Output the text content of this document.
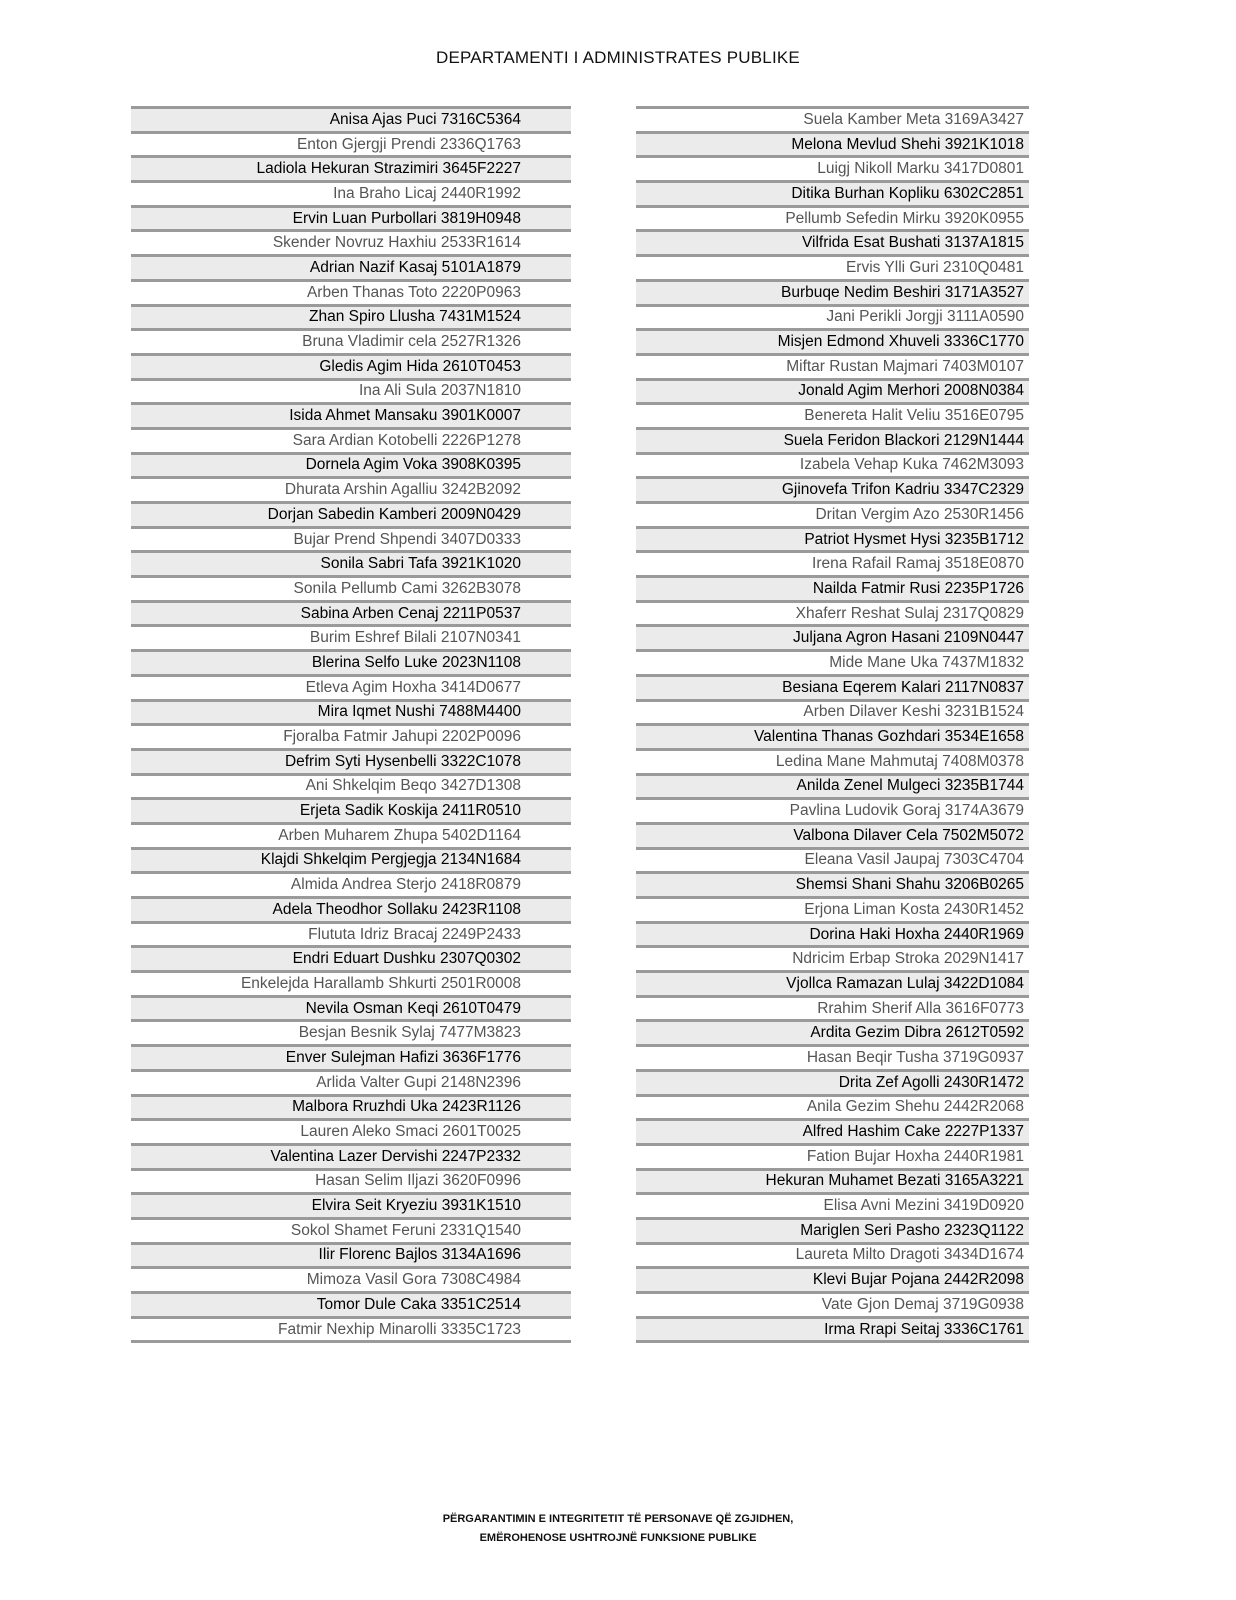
DEPARTAMENTI I ADMINISTRATES PUBLIKE
Anisa Ajas Puci 7316C5364
Enton Gjergji Prendi 2336Q1763
Ladiola Hekuran Strazimiri 3645F2227
Ina Braho Licaj 2440R1992
Ervin Luan Purbollari 3819H0948
Skender Novruz Haxhiu 2533R1614
Adrian Nazif Kasaj 5101A1879
Arben Thanas Toto 2220P0963
Zhan Spiro Llusha 7431M1524
Bruna Vladimir cela 2527R1326
Gledis Agim Hida 2610T0453
Ina Ali Sula 2037N1810
Isida Ahmet Mansaku 3901K0007
Sara Ardian Kotobelli 2226P1278
Dornela Agim Voka 3908K0395
Dhurata Arshin Agalliu 3242B2092
Dorjan Sabedin Kamberi 2009N0429
Bujar Prend Shpendi 3407D0333
Sonila Sabri Tafa 3921K1020
Sonila Pellumb Cami 3262B3078
Sabina Arben Cenaj 2211P0537
Burim Eshref Bilali 2107N0341
Blerina Selfo Luke 2023N1108
Etleva Agim Hoxha 3414D0677
Mira Iqmet Nushi 7488M4400
Fjoralba Fatmir Jahupi 2202P0096
Defrim Syti Hysenbelli 3322C1078
Ani Shkelqim Beqo 3427D1308
Erjeta Sadik Koskija 2411R0510
Arben Muharem Zhupa 5402D1164
Klajdi Shkelqim Pergjegja 2134N1684
Almida Andrea Sterjo 2418R0879
Adela Theodhor Sollaku 2423R1108
Flututa Idriz Bracaj 2249P2433
Endri Eduart Dushku 2307Q0302
Enkelejda Harallamb Shkurti 2501R0008
Nevila Osman Keqi 2610T0479
Besjan Besnik Sylaj 7477M3823
Enver Sulejman Hafizi 3636F1776
Arlida Valter Gupi 2148N2396
Malbora Rruzhdi Uka 2423R1126
Lauren Aleko Smaci 2601T0025
Valentina Lazer Dervishi 2247P2332
Hasan Selim Iljazi 3620F0996
Elvira Seit Kryeziu 3931K1510
Sokol Shamet Feruni 2331Q1540
Ilir Florenc Bajlos 3134A1696
Mimoza Vasil Gora 7308C4984
Tomor Dule Caka 3351C2514
Fatmir Nexhip Minarolli 3335C1723
Suela Kamber Meta 3169A3427
Melona Mevlud Shehi 3921K1018
Luigj Nikoll Marku 3417D0801
Ditika Burhan Kopliku 6302C2851
Pellumb Sefedin Mirku 3920K0955
Vilfrida Esat Bushati 3137A1815
Ervis Ylli Guri 2310Q0481
Burbuqe Nedim Beshiri 3171A3527
Jani Perikli Jorgji 3111A0590
Misjen Edmond Xhuveli 3336C1770
Miftar Rustan Majmari 7403M0107
Jonald Agim Merhori 2008N0384
Benereta Halit Veliu 3516E0795
Suela Feridon Blackori 2129N1444
Izabela Vehap Kuka 7462M3093
Gjinovefa Trifon Kadriu 3347C2329
Dritan Vergim Azo 2530R1456
Patriot Hysmet Hysi 3235B1712
Irena Rafail Ramaj 3518E0870
Nailda Fatmir Rusi 2235P1726
Xhaferr Reshat Sulaj 2317Q0829
Juljana Agron Hasani 2109N0447
Mide Mane Uka 7437M1832
Besiana Eqerem Kalari 2117N0837
Arben Dilaver Keshi 3231B1524
Valentina Thanas Gozhdari 3534E1658
Ledina Mane Mahmutaj 7408M0378
Anilda Zenel Mulgeci 3235B1744
Pavlina Ludovik Goraj 3174A3679
Valbona Dilaver Cela 7502M5072
Eleana Vasil Jaupaj 7303C4704
Shemsi Shani Shahu 3206B0265
Erjona Liman Kosta 2430R1452
Dorina Haki Hoxha 2440R1969
Ndricim Erbap Stroka 2029N1417
Vjollca Ramazan Lulaj 3422D1084
Rrahim Sherif Alla 3616F0773
Ardita Gezim Dibra 2612T0592
Hasan Beqir Tusha 3719G0937
Drita Zef Agolli 2430R1472
Anila Gezim Shehu 2442R2068
Alfred Hashim Cake 2227P1337
Fation Bujar Hoxha 2440R1981
Hekuran Muhamet Bezati 3165A3221
Elisa Avni Mezini 3419D0920
Mariglen Seri Pasho 2323Q1122
Laureta Milto Dragoti 3434D1674
Klevi Bujar Pojana 2442R2098
Vate Gjon Demaj 3719G0938
Irma Rrapi Seitaj 3336C1761
PËRGARANTIMIN E INTEGRITETIT TË PERSONAVE QË ZGJIDHEN,
EMËROHENOSE USHTROJNË FUNKSIONE PUBLIKE
